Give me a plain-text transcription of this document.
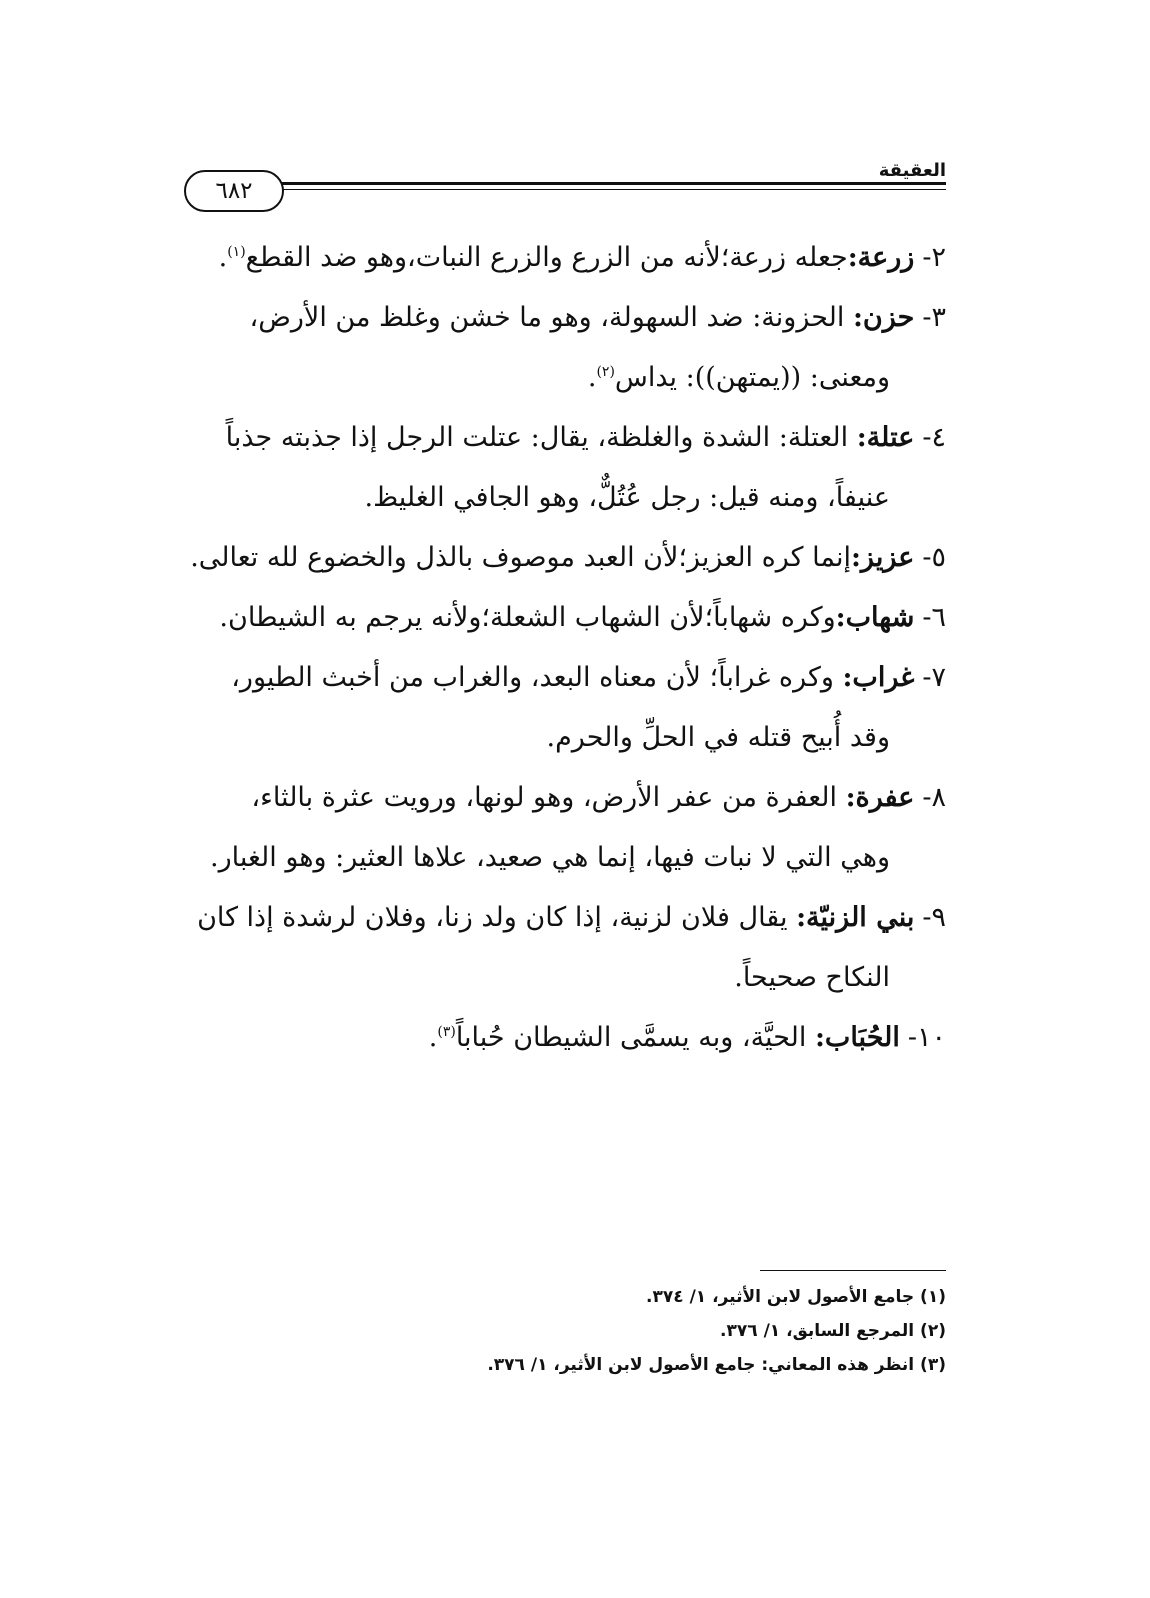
العقيقة
٦٨٢
٢-زرعة:جعله زرعة؛لأنه من الزرع والزرع النبات،وهو ضد القطع$^{(١)}$.
٣-حزن: الحزونة: ضد السهولة، وهو ما خشن وغلظ من الأرض،
ومعنى: ((يمتهن)): يداس$^{(٢)}$.
٤-عتلة: العتلة: الشدة والغلظة، يقال: عتلت الرجل إذا جذبته جذباً
عنيفاً، ومنه قيل: رجل عُتُلٌّ، وهو الجافي الغليظ.
٥-عزيز:إنما كره العزيز؛لأن العبد موصوف بالذل والخضوع لله تعالى.
٦-شهاب:وكره شهاباً؛لأن الشهاب الشعلة؛ولأنه يرجم به الشيطان.
٧-غراب: وكره غراباً؛ لأن معناه البعد، والغراب من أخبث الطيور،
وقد أُبيح قتله في الحلِّ والحرم.
٨-عفرة: العفرة من عفر الأرض، وهو لونها، ورويت عثرة بالثاء،
وهي التي لا نبات فيها، إنما هي صعيد، علاها العثير: وهو الغبار.
٩-بني الزنيّة: يقال فلان لزنية، إذا كان ولد زنا، وفلان لرشدة إذا كان
النكاح صحيحاً.
١٠-الحُبَاب: الحيَّة، وبه يسمَّى الشيطان حُباباً$^{(٣)}$.
(١) جامع الأصول لابن الأثير، ١/ ٣٧٤.
(٢) المرجع السابق، ١/ ٣٧٦.
(٣) انظر هذه المعاني: جامع الأصول لابن الأثير، ١/ ٣٧٦.
